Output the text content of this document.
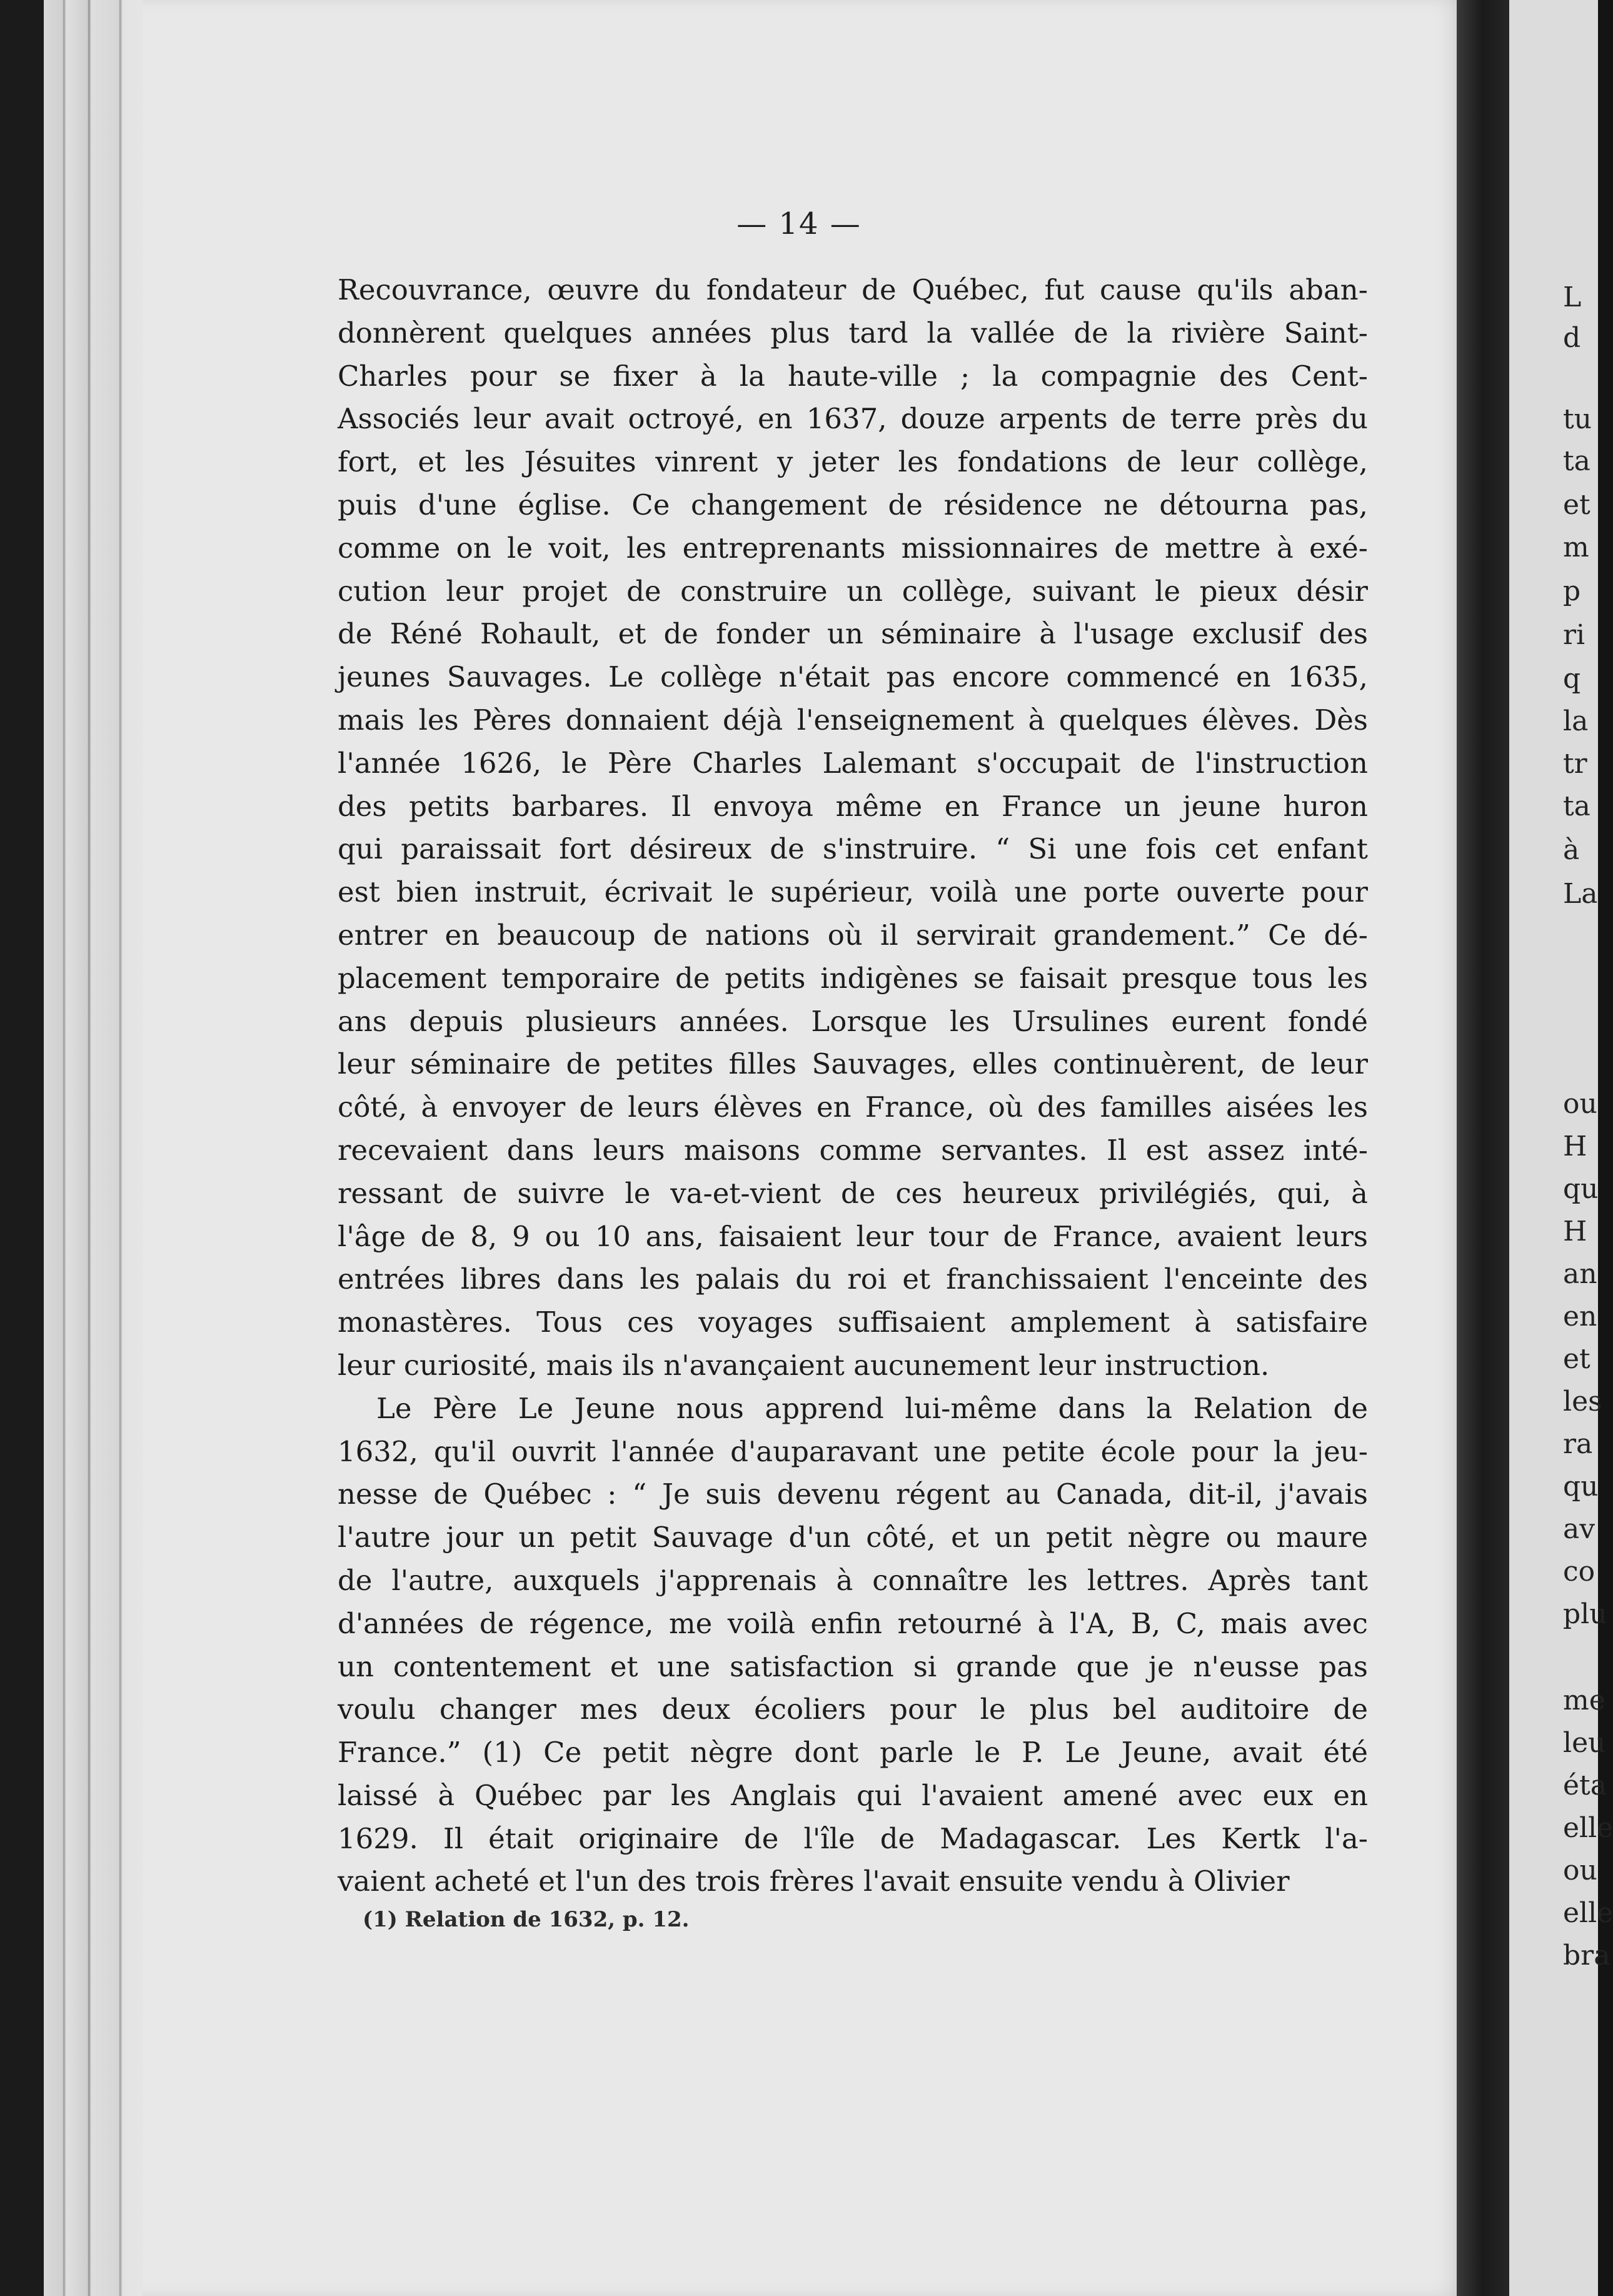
— 14 —
Recouvrance, œuvre du fondateur de Québec, fut cause qu'ils aban-
donnèrent quelques années plus tard la vallée de la rivière Saint-
Charles pour se fixer à la haute-ville ; la compagnie des Cent-
Associés leur avait octroyé, en 1637, douze arpents de terre près du
fort, et les Jésuites vinrent y jeter les fondations de leur collège,
puis d'une église. Ce changement de résidence ne détourna pas,
comme on le voit, les entreprenants missionnaires de mettre à exé-
cution leur projet de construire un collège, suivant le pieux désir
de Réné Rohault, et de fonder un séminaire à l'usage exclusif des
jeunes Sauvages. Le collège n'était pas encore commencé en 1635,
mais les Pères donnaient déjà l'enseignement à quelques élèves. Dès
l'année 1626, le Père Charles Lalemant s'occupait de l'instruction
des petits barbares. Il envoya même en France un jeune huron
qui paraissait fort désireux de s'instruire. “ Si une fois cet enfant
est bien instruit, écrivait le supérieur, voilà une porte ouverte pour
entrer en beaucoup de nations où il servirait grandement.” Ce dé-
placement temporaire de petits indigènes se faisait presque tous les
ans depuis plusieurs années. Lorsque les Ursulines eurent fondé
leur séminaire de petites filles Sauvages, elles continuèrent, de leur
côté, à envoyer de leurs élèves en France, où des familles aisées les
recevaient dans leurs maisons comme servantes. Il est assez inté-
ressant de suivre le va-et-vient de ces heureux privilégiés, qui, à
l'âge de 8, 9 ou 10 ans, faisaient leur tour de France, avaient leurs
entrées libres dans les palais du roi et franchissaient l'enceinte des
monastères. Tous ces voyages suffisaient amplement à satisfaire
leur curiosité, mais ils n'avançaient aucunement leur instruction.
Le Père Le Jeune nous apprend lui-même dans la Relation de
1632, qu'il ouvrit l'année d'auparavant une petite école pour la jeu-
nesse de Québec : “ Je suis devenu régent au Canada, dit-il, j'avais
l'autre jour un petit Sauvage d'un côté, et un petit nègre ou maure
de l'autre, auxquels j'apprenais à connaître les lettres. Après tant
d'années de régence, me voilà enfin retourné à l'A, B, C, mais avec
un contentement et une satisfaction si grande que je n'eusse pas
voulu changer mes deux écoliers pour le plus bel auditoire de
France.” (1) Ce petit nègre dont parle le P. Le Jeune, avait été
laissé à Québec par les Anglais qui l'avaient amené avec eux en
1629. Il était originaire de l'île de Madagascar. Les Kertk l'a-
vaient acheté et l'un des trois frères l'avait ensuite vendu à Olivier
(1) Relation de 1632, p. 12.
L
d
tu
ta
et
m
p
ri
q
la
tr
ta
à
La
ou
H
qu
H
an
en
et
les
ra
qu
av
co
plu
me
leu
éta
elle
ou
elle
bra
